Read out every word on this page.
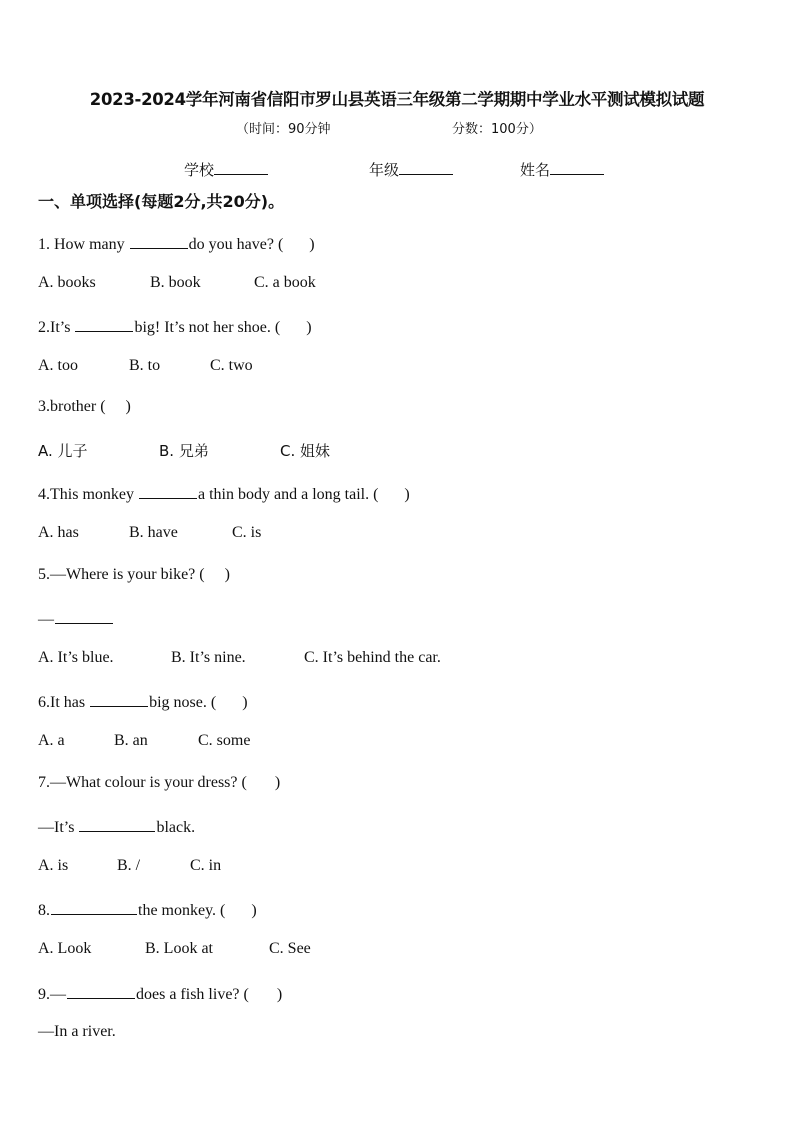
2023-2024学年河南省信阳市罗山县英语三年级第二学期期中学业水平测试模拟试题
（时间：90分钟	分数：100分）
学校	年级	姓名
一、单项选择(每题2分,共20分)。
1. How many	do you have? ( )
A. books	B. book	C. a book
2.It’s	big! It’s not her shoe. ( )
A. too	B. to	C. two
3.brother ( )
A. 儿子	B. 兄弟	C. 姐妹
4.This monkey	a thin body and a long tail. ( )
A. has	B. have	C. is
5.—Where is your bike? ( )
—
A. It’s blue.	B. It’s nine.	C. It’s behind the car.
6.It has	big nose. ( )
A. a	B. an	C. some
7.—What colour is your dress? ( )
—It’s	black.
A. is	B. /	C. in
8.	the monkey. ( )
A. Look	B. Look at	C. See
9.—	does a fish live? ( )
—In a river.
